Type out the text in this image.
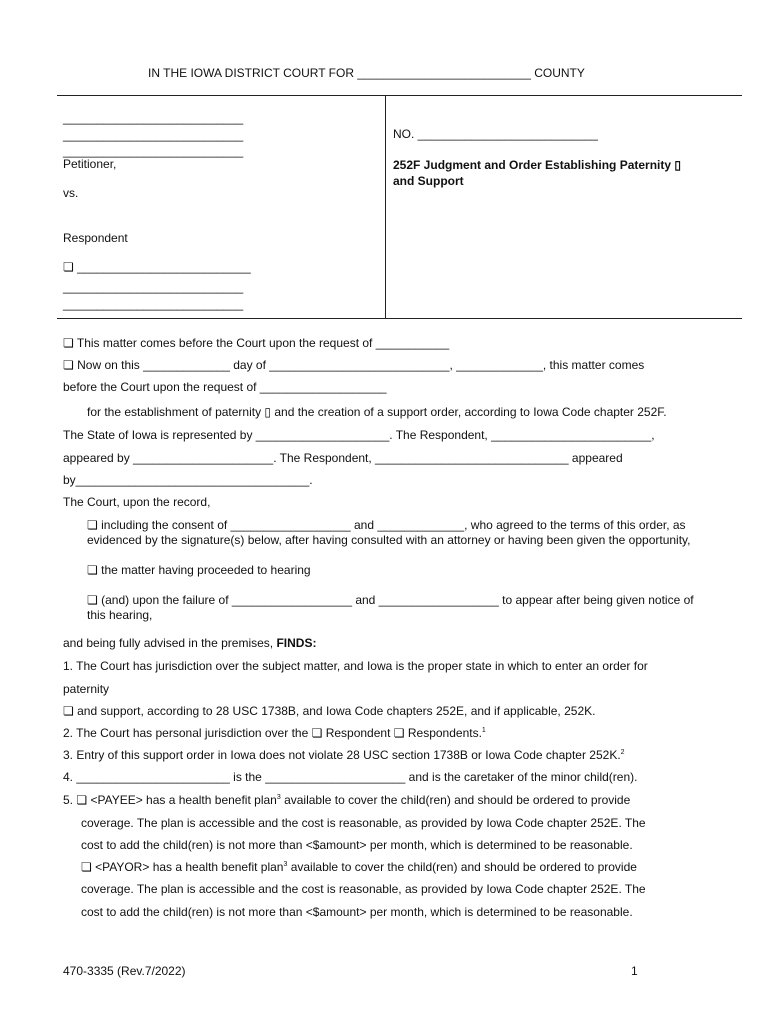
IN THE IOWA DISTRICT COURT FOR __________________________ COUNTY
___________________________
___________________________
___________________________
Petitioner,
vs.
Respondent
❏ __________________________
___________________________
___________________________
NO. ___________________________
252F Judgment and Order Establishing Paternity ▯
and Support
❏ This matter comes before the Court upon the request of ___________
❏ Now on this _____________ day of ___________________________, _____________, this matter comes
before the Court upon the request of ___________________
for the establishment of paternity ▯ and the creation of a support order, according to Iowa Code chapter 252F.
The State of Iowa is represented by ____________________. The Respondent, ________________________,
appeared by _____________________. The Respondent, _____________________________ appeared
by___________________________________.
The Court, upon the record,
❏ including the consent of __________________ and _____________, who agreed to the terms of this order, as
evidenced by the signature(s) below, after having consulted with an attorney or having been given the opportunity,
❏ the matter having proceeded to hearing
❏ (and) upon the failure of __________________ and __________________ to appear after being given notice of
this hearing,
and being fully advised in the premises, FINDS:
1. The Court has jurisdiction over the subject matter, and Iowa is the proper state in which to enter an order for
paternity
❏ and support, according to 28 USC 1738B, and Iowa Code chapters 252E, and if applicable, 252K.
2. The Court has personal jurisdiction over the ❏ Respondent ❏ Respondents.$^1$
3. Entry of this support order in Iowa does not violate 28 USC section 1738B or Iowa Code chapter 252K.$^2$
4. _______________________ is the _____________________ and is the caretaker of the minor child(ren).
5. ❏ <PAYEE> has a health benefit plan$^3$ available to cover the child(ren) and should be ordered to provide
coverage. The plan is accessible and the cost is reasonable, as provided by Iowa Code chapter 252E. The
cost to add the child(ren) is not more than <$amount> per month, which is determined to be reasonable.
❏ <PAYOR> has a health benefit plan$^3$ available to cover the child(ren) and should be ordered to provide
coverage. The plan is accessible and the cost is reasonable, as provided by Iowa Code chapter 252E. The
cost to add the child(ren) is not more than <$amount> per month, which is determined to be reasonable.
470-3335 (Rev.7/2022)	1
